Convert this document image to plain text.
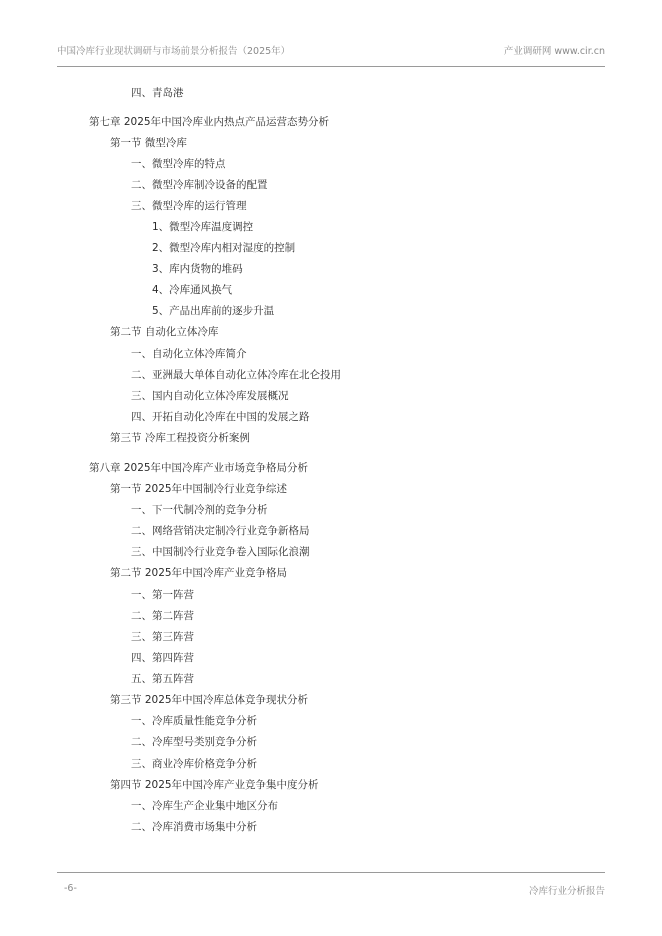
中国冷库行业现状调研与市场前景分析报告（2025年）	产业调研网 www.cir.cn
四、青岛港
第七章 2025年中国冷库业内热点产品运营态势分析
第一节 微型冷库
一、微型冷库的特点
二、微型冷库制冷设备的配置
三、微型冷库的运行管理
1、微型冷库温度调控
2、微型冷库内相对湿度的控制
3、库内货物的堆码
4、冷库通风换气
5、产品出库前的逐步升温
第二节 自动化立体冷库
一、自动化立体冷库简介
二、亚洲最大单体自动化立体冷库在北仑投用
三、国内自动化立体冷库发展概况
四、开拓自动化冷库在中国的发展之路
第三节 冷库工程投资分析案例
第八章 2025年中国冷库产业市场竞争格局分析
第一节 2025年中国制冷行业竞争综述
一、下一代制冷剂的竞争分析
二、网络营销决定制冷行业竞争新格局
三、中国制冷行业竞争卷入国际化浪潮
第二节 2025年中国冷库产业竞争格局
一、第一阵营
二、第二阵营
三、第三阵营
四、第四阵营
五、第五阵营
第三节 2025年中国冷库总体竞争现状分析
一、冷库质量性能竞争分析
二、冷库型号类别竞争分析
三、商业冷库价格竞争分析
第四节 2025年中国冷库产业竞争集中度分析
一、冷库生产企业集中地区分布
二、冷库消费市场集中分析
-6-	冷库行业分析报告
